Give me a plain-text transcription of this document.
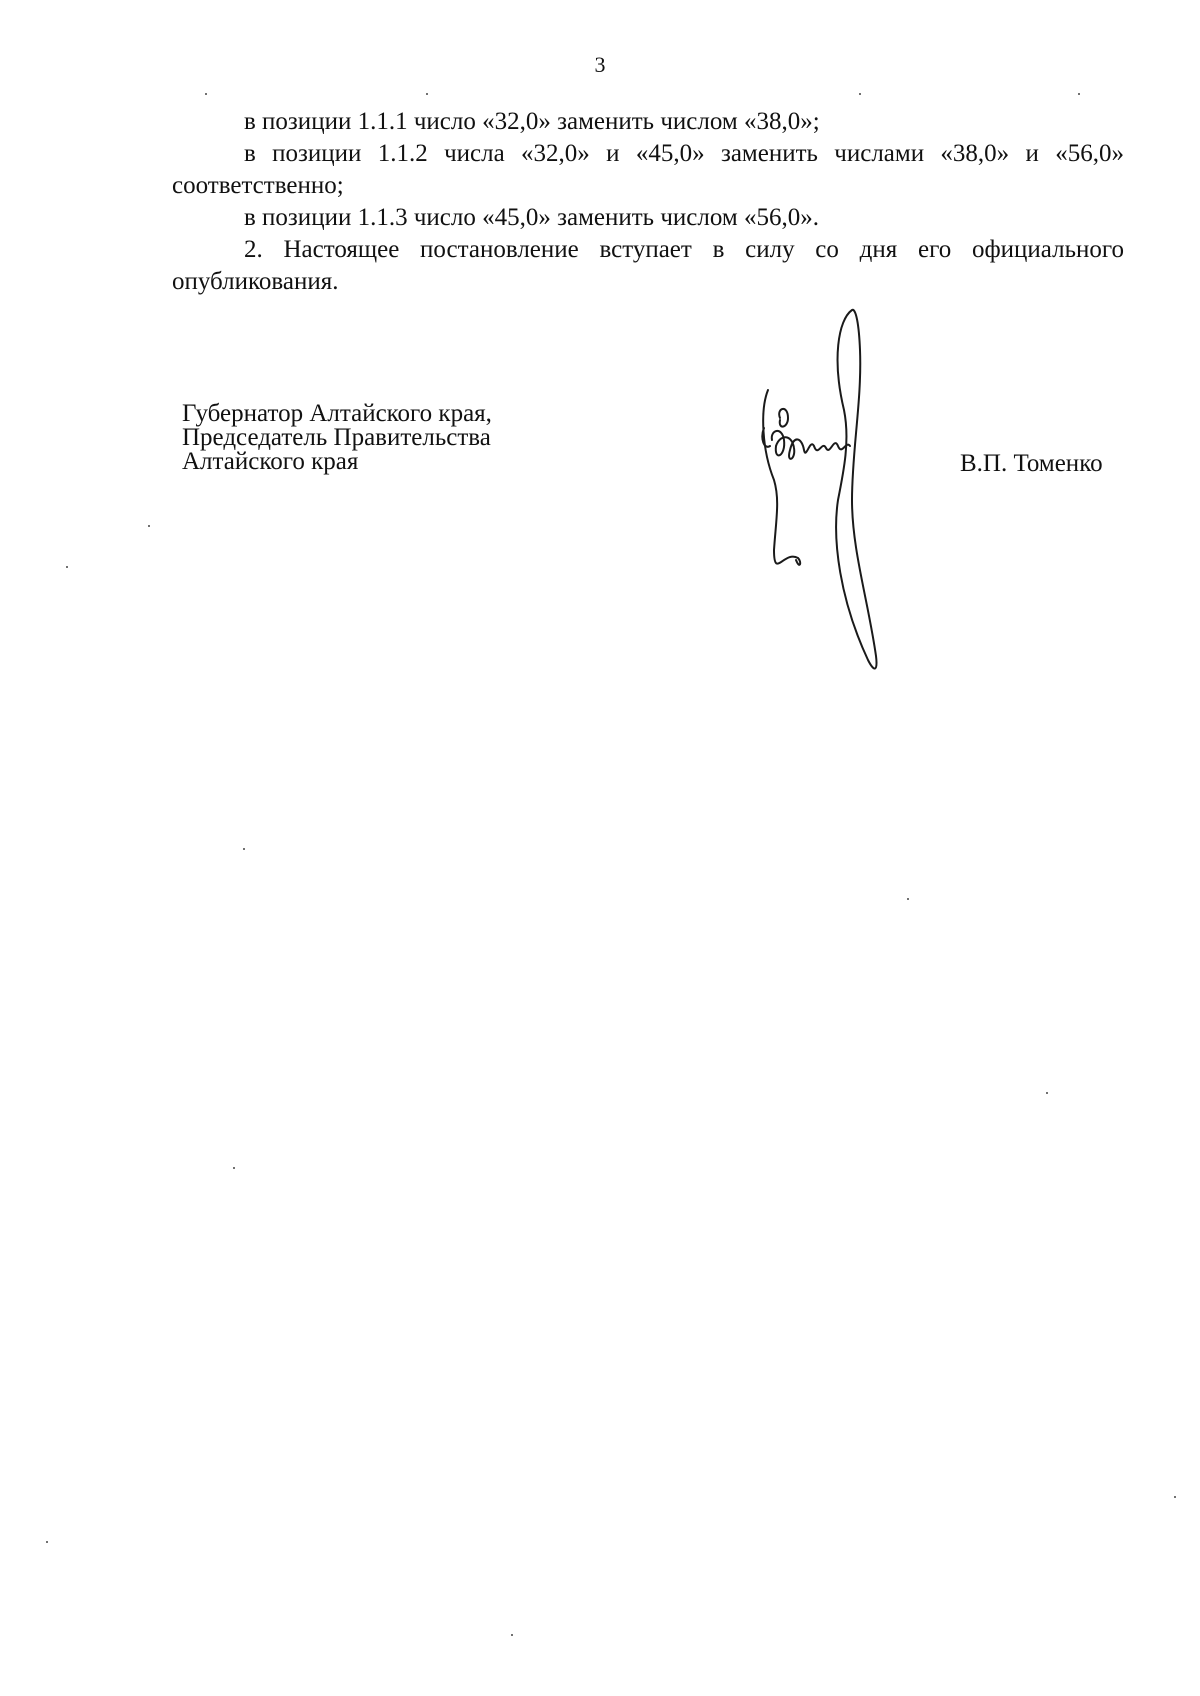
3

в позиции 1.1.1 число «32,0» заменить числом «38,0»;

в позиции 1.1.2 числа «32,0» и «45,0» заменить числами «38,0» и «56,0» соответственно;

в позиции 1.1.3 число «45,0» заменить числом «56,0».

2. Настоящее постановление вступает в силу со дня его официального опубликования.

Губернатор Алтайского края,
Председатель Правительства
Алтайского края	В.П. Томенко
